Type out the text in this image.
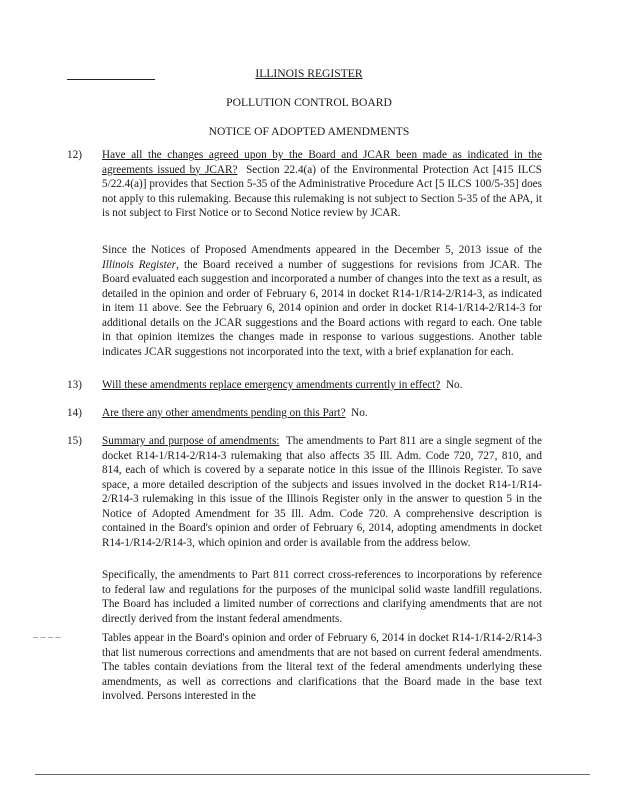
ILLINOIS REGISTER
POLLUTION CONTROL BOARD
NOTICE OF ADOPTED AMENDMENTS
12) Have all the changes agreed upon by the Board and JCAR been made as indicated in the agreements issued by JCAR? Section 22.4(a) of the Environmental Protection Act [415 ILCS 5/22.4(a)] provides that Section 5-35 of the Administrative Procedure Act [5 ILCS 100/5-35] does not apply to this rulemaking. Because this rulemaking is not subject to Section 5-35 of the APA, it is not subject to First Notice or to Second Notice review by JCAR.

Since the Notices of Proposed Amendments appeared in the December 5, 2013 issue of the Illinois Register, the Board received a number of suggestions for revisions from JCAR. The Board evaluated each suggestion and incorporated a number of changes into the text as a result, as detailed in the opinion and order of February 6, 2014 in docket R14-1/R14-2/R14-3, as indicated in item 11 above. See the February 6, 2014 opinion and order in docket R14-1/R14-2/R14-3 for additional details on the JCAR suggestions and the Board actions with regard to each. One table in that opinion itemizes the changes made in response to various suggestions. Another table indicates JCAR suggestions not incorporated into the text, with a brief explanation for each.

13) Will these amendments replace emergency amendments currently in effect? No.

14) Are there any other amendments pending on this Part? No.

15) Summary and purpose of amendments: The amendments to Part 811 are a single segment of the docket R14-1/R14-2/R14-3 rulemaking that also affects 35 Ill. Adm. Code 720, 727, 810, and 814, each of which is covered by a separate notice in this issue of the Illinois Register. To save space, a more detailed description of the subjects and issues involved in the docket R14-1/R14-2/R14-3 rulemaking in this issue of the Illinois Register only in the answer to question 5 in the Notice of Adopted Amendment for 35 Ill. Adm. Code 720. A comprehensive description is contained in the Board's opinion and order of February 6, 2014, adopting amendments in docket R14-1/R14-2/R14-3, which opinion and order is available from the address below.

Specifically, the amendments to Part 811 correct cross-references to incorporations by reference to federal law and regulations for the purposes of the municipal solid waste landfill regulations. The Board has included a limited number of corrections and clarifying amendments that are not directly derived from the instant federal amendments.

– – – –	Tables appear in the Board's opinion and order of February 6, 2014 in docket R14-1/R14-2/R14-3 that list numerous corrections and amendments that are not based on current federal amendments. The tables contain deviations from the literal text of the federal amendments underlying these amendments, as well as corrections and clarifications that the Board made in the base text involved. Persons interested in the
